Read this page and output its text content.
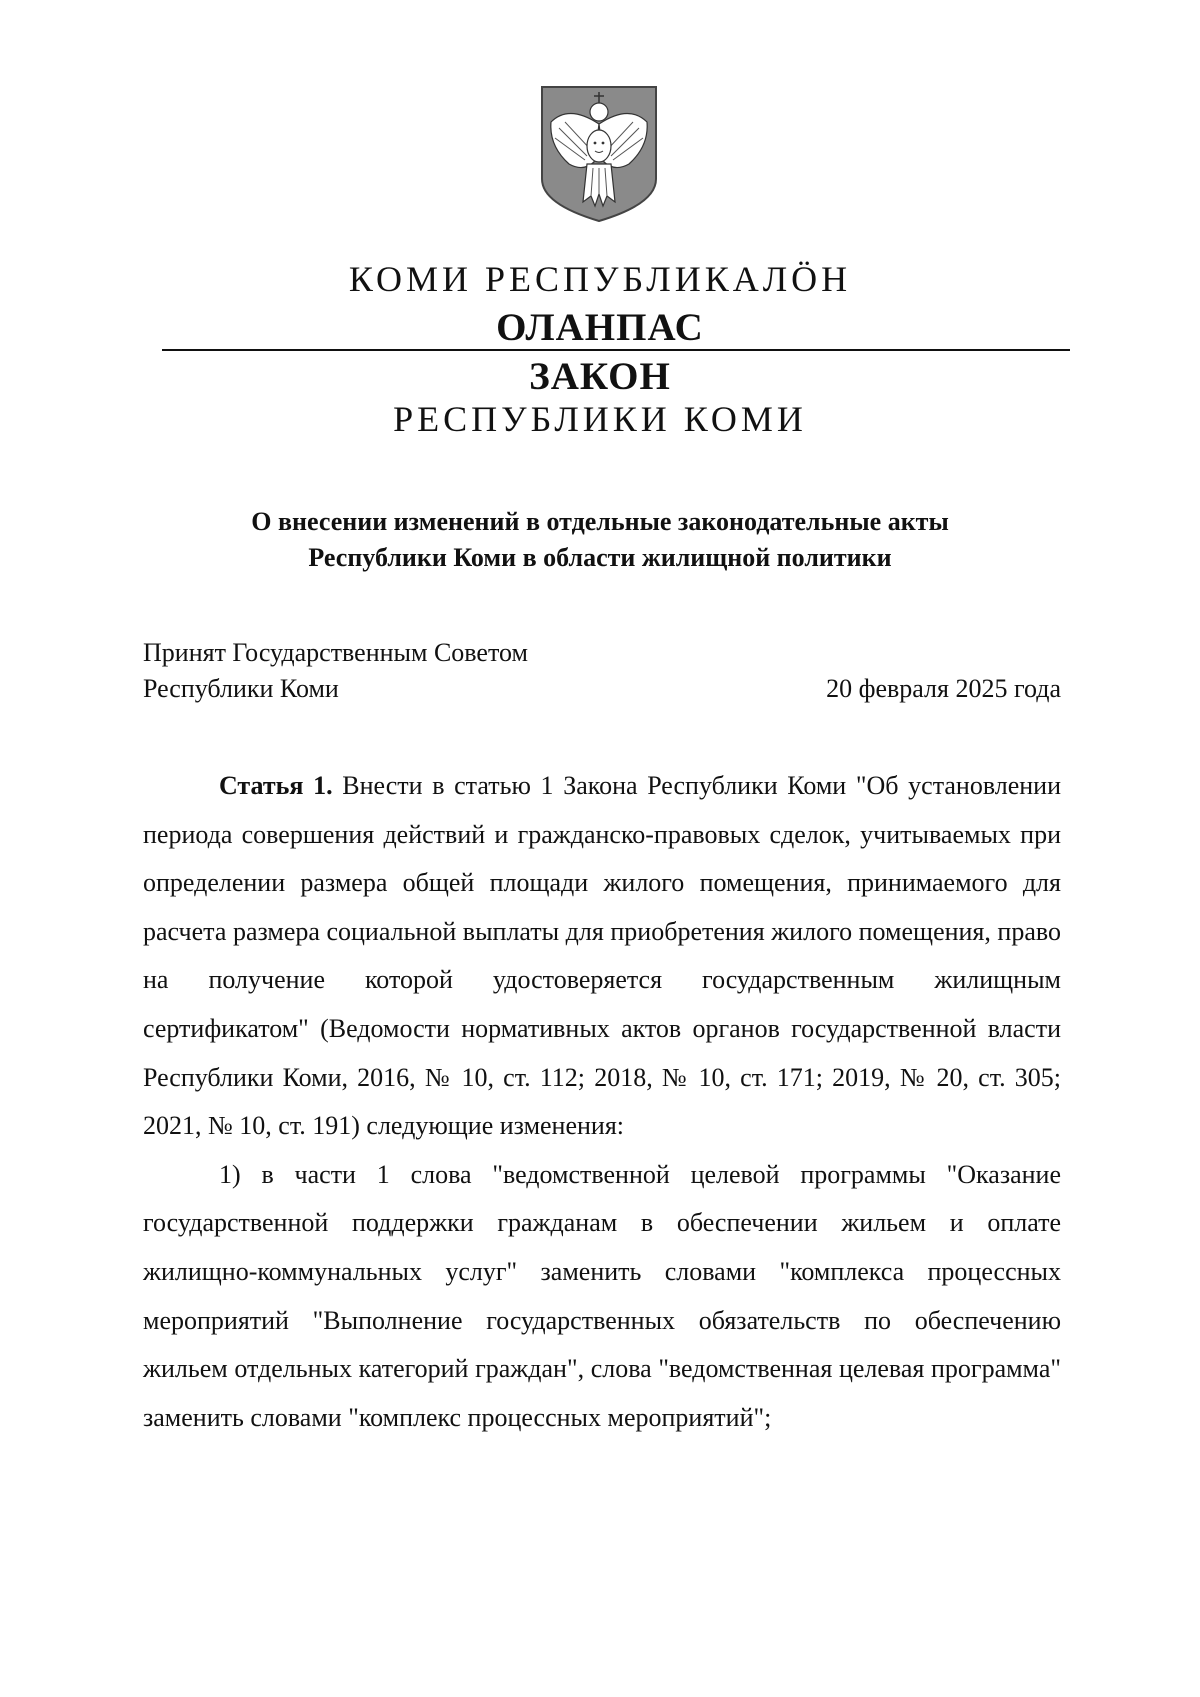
КОМИ РЕСПУБЛИКАЛӦН
ОЛАНПАС
ЗАКОН
РЕСПУБЛИКИ КОМИ
О внесении изменений в отдельные законодательные акты
Республики Коми в области жилищной политики
Принят Государственным Советом
Республики Коми	20 февраля 2025 года

Статья 1. Внести в статью 1 Закона Республики Коми "Об установлении периода совершения действий и гражданско-правовых сделок, учитываемых при определении размера общей площади жилого помещения, принимаемого для расчета размера социальной выплаты для приобретения жилого помещения, право на получение которой удостоверяется государственным жилищным сертификатом" (Ведомости нормативных актов органов государственной власти Республики Коми, 2016, № 10, ст. 112; 2018, № 10, ст. 171; 2019, № 20, ст. 305; 2021, № 10, ст. 191) следующие изменения:

1) в части 1 слова "ведомственной целевой программы "Оказание государственной поддержки гражданам в обеспечении жильем и оплате жилищно-коммунальных услуг" заменить словами "комплекса процессных мероприятий "Выполнение государственных обязательств по обеспечению жильем отдельных категорий граждан", слова "ведомственная целевая программа" заменить словами "комплекс процессных мероприятий";
